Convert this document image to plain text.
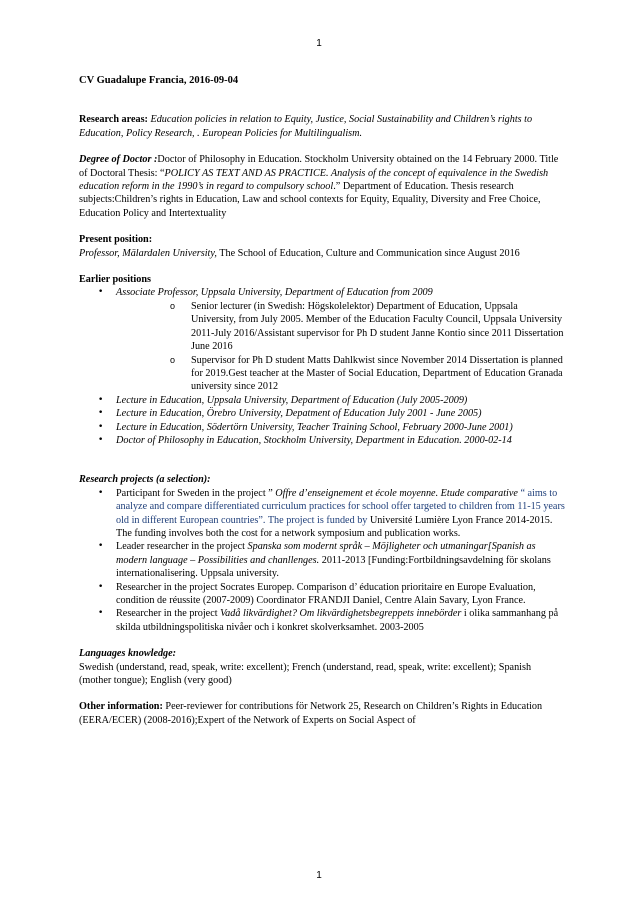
1

CV Guadalupe Francia, 2016-09-04

Research areas: Education policies in relation to Equity, Justice, Social Sustainability and Children’s rights to Education, Policy Research, . European Policies for Multilingualism.

Degree of Doctor :Doctor of Philosophy in Education. Stockholm University obtained on the 14 February 2000. Title of Doctoral Thesis: “POLICY AS TEXT AND AS PRACTICE. Analysis of the concept of equivalence in the Swedish education reform in the 1990’s in regard to compulsory school.” Department of Education. Thesis research subjects:Children’s rights in Education, Law and school contexts for Equity, Equality, Diversity and Free Choice, Education Policy and Intertextuality

Present position:

Professor, Mälardalen University, The School of Education, Culture and Communication since August 2016

Earlier positions

• Associate Professor, Uppsala University, Department of Education from 2009
o Senior lecturer (in Swedish: Högskolelektor) Department of Education, Uppsala University, from July 2005. Member of the Education Faculty Council, Uppsala University 2011-July 2016/Assistant supervisor for Ph D student Janne Kontio since 2011 Dissertation June 2016
o Supervisor for Ph D student Matts Dahlkwist since November 2014 Dissertation is planned for 2019.Gest teacher at the Master of Social Education, Department of Education Granada university since 2012
• Lecture in Education, Uppsala University, Department of Education (July 2005-2009)
• Lecture in Education, Örebro University, Depatment of Education July 2001 - June 2005)
• Lecture in Education, Södertörn University, Teacher Training School, February 2000-June 2001)
• Doctor of Philosophy in Education, Stockholm University, Department in Education. 2000-02-14

Research projects (a selection):

• Participant for Sweden in the project ” Offre d’enseignement et école moyenne. Etude comparative “ aims to analyze and compare differentiated curriculum practices for school offer targeted to children from 11-15 years old in different European countries”. The project is funded by Université Lumière Lyon France 2014-2015. The funding involves both the cost for a network symposium and publication works.
• Leader researcher in the project Spanska som modernt språk – Möjligheter och utmaningar[Spanish as modern language – Possibilities and chanllenges. 2011-2013 [Funding:Fortbildningsavdelning för skolans internationalisering. Uppsala university.
• Researcher in the project Socrates Europep. Comparison d’ éducation prioritaire en Europe Evaluation, condition de réussite (2007-2009) Coordinator FRANDJI Daniel, Centre Alain Savary, Lyon France.
• Researcher in the project Vadå likvärdighet? Om likvärdighetsbegreppets innebörder i olika sammanhang på skilda utbildningspolitiska nivåer och i konkret skolverksamhet. 2003-2005

Languages knowledge:

Swedish (understand, read, speak, write: excellent); French (understand, read, speak, write: excellent); Spanish (mother tongue); English (very good)

Other information: Peer-reviewer for contributions för Network 25, Research on Children’s Rights in Education (EERA/ECER) (2008-2016);Expert of the Network of Experts on Social Aspect of

1
